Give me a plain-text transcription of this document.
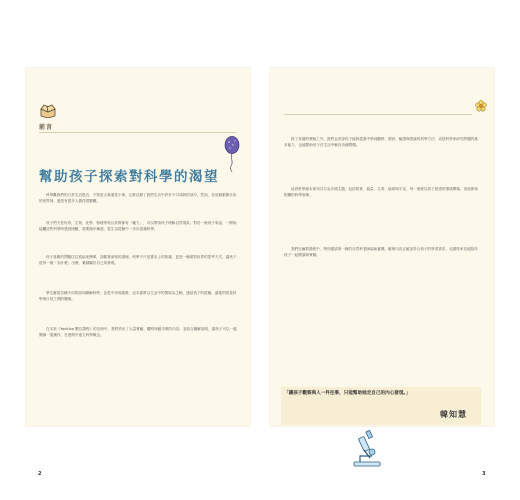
前言
幫助孩子探索對科學的渴望

科學離我們的日常生活很近，不管是大事還是小事，它都佔據了我們生活中許多不可或缺的部分。然而，在這個繁雜多彩的世界裡，還是有很多人覺得很艱難。

孩子們天性好奇，生物、化學、物理等科目其實都有「魔力」，可以帶領孩子理解自然現象。對於一般孩子來說，一開始接觸這些科學時感到困難，需要循序漸進，從生活經驗中一步步認識科學。

孩子喜歡的問題往往看起來簡單，卻藏著深奧的道理。科學不只是書本上的知識，更是一種面對世界的思考方式，讓孩子從每一個「為什麼」出發，累積屬於自己的發現。

學生應從各種不同的面向瞭解科學，並從中得到啟發，這本書將以生活中的情境為主軸，連結孩子的經驗，讓他們看見科學與日常之間的關係。

在本套《Yoshiba 數位課程》的各冊中，我們設計了大量實驗、觀察與動手做的內容，並結合圖解說明，讓孩子可以一邊閱讀一邊操作，在遊戲中建立科學概念。

2

除了有趣的實驗之外，我們也希望孩子能夠從書中學到觀察、假設、驗證與推論的科學方法，這是科學家研究問題的基本能力，也能幫助孩子在生活中解決各種問題。

這套科學繪本系列共分為多個主題，包括物質、能量、生命、地球與宇宙，每一冊都以孩子熟悉的情境開場，再延伸到相關的科學原理。

我們在編寫過程中，特別邀請第一線的自然科老師協助審閱，確保內容正確並符合孩子的學習需求，也期待家長能陪伴孩子一起閱讀與實驗。

「讓孩子觀察與人一件往事，只能幫助她走自己的內心發現。」
韓知慧
3
